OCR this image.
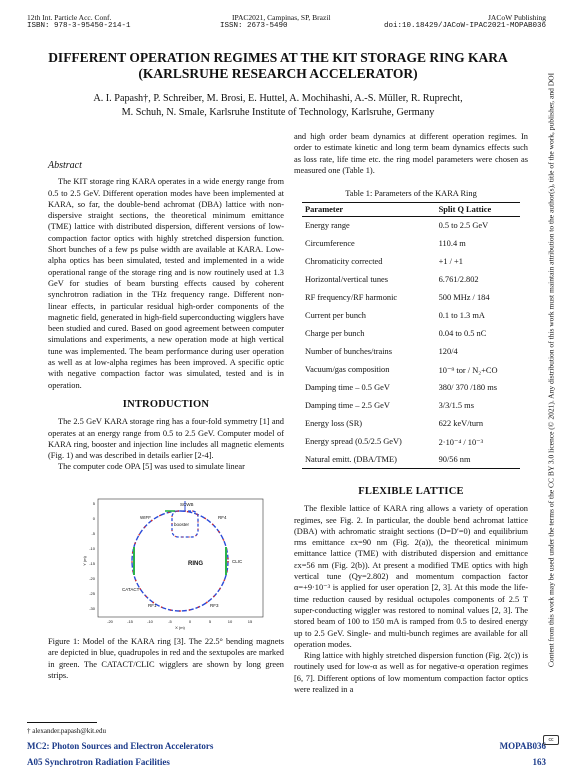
12th Int. Particle Acc. Conf.
ISBN: 978-3-95450-214-1
IPAC2021, Campinas, SP, Brazil
ISSN: 2673-5490
JACoW Publishing
doi:10.18429/JACoW-IPAC2021-MOPAB036
DIFFERENT OPERATION REGIMES AT THE KIT STORAGE RING KARA
(KARLSRUHE RESEARCH ACCELERATOR)
A. I. Papash†, P. Schreiber, M. Brosi, E. Huttel, A. Mochihashi, A.-S. Müller, R. Ruprecht,
M. Schuh, N. Smale, Karlsruhe Institute of Technology, Karlsruhe, Germany

Abstract

The KIT storage ring KARA operates in a wide energy range from 0.5 to 2.5 GeV. Different operation modes have been implemented at KARA, so far, the double-bend achromat (DBA) lattice with non-dispersive straight sections, the theoretical minimum emittance (TME) lattice with distributed dispersion, different versions of low-compaction factor optics with highly stretched dispersion function. Short bunches of a few ps pulse width are available at KARA. Low-alpha optics has been simulated, tested and implemented in a wide operational range of the storage ring and is now routinely used at 1.3 GeV for studies of beam bursting effects caused by coherent synchrotron radiation in the THz frequency range. Different non-linear effects, in particular residual high-order components of the magnetic field, generated in high-field superconducting wigglers have been studied and cured. Based on good agreement between computer simulations and experiments, a new operation mode at high vertical tune was implemented. The beam performance during user operation as well as at low-alpha regimes has been improved. A specific optic with negative compaction factor was simulated, tested and is in operation.

INTRODUCTION

The 2.5 GeV KARA storage ring has a four-fold symmetry [1] and operates at an energy range from 0.5 to 2.5 GeV. Computer model of KARA ring, booster and injection line includes all magnetic elements (Fig. 1) and was described in details earlier [2-4].

The computer code OPA [5] was used to simulate linear

SCWB
booster
WIFF
RING	CLIC
CATACT
RF3
RF1
RF4
5
0
-5
-10
-15
-20
-25
-30
-20	-15	-10	-5	0	5	10	15
X (m)
Y (m)
Figure 1: Model of the KARA ring [3]. The 22.5° bending magnets are depicted in blue, quadrupoles in red and the sextupoles are marked in green. The CATACT/CLIC wigglers are shown by long green strips.
† alexander.papash@kit.edu

and high order beam dynamics at different operation regimes. In order to estimate kinetic and long term beam dynamics effects such as loss rate, life time etc. the ring model parameters were chosen as measured one (Table 1).

Table 1: Parameters of the KARA Ring
Parameter	Split Q Lattice
Energy range	0.5 to 2.5 GeV
Circumference	110.4 m
Chromaticity corrected	+1 / +1
Horizontal/vertical tunes	6.761/2.802
RF frequency/RF harmonic	500 MHz / 184
Current per bunch	0.1 to 1.3 mA
Charge per bunch	0.04 to 0.5 nC
Number of bunches/trains	120/4
Vacuum/gas composition	10⁻⁹ tor / N₂+CO
Damping time – 0.5 GeV	380/ 370 /180 ms
Damping time – 2.5 GeV	3/3/1.5 ms
Energy loss (SR)	622 keV/turn
Energy spread (0.5/2.5 GeV)	2·10⁻⁴ / 10⁻³
Natural emitt. (DBA/TME)	90/56 nm
FLEXIBLE LATTICE

The flexible lattice of KARA ring allows a variety of operation regimes, see Fig. 2. In particular, the double bend achromat lattice (DBA) with achromatic straight sections (D=D′=0) and equilibrium rms emittance εx=90 nm (Fig. 2(a)), the theoretical minimum emittance lattice (TME) with distributed dispersion and emittance εx=56 nm (Fig. 2(b)). At present a modified TME optics with high vertical tune (Qy=2.802) and momentum compaction factor α=+9·10⁻³ is applied for user operation [2, 3]. At this mode the life-time reduction caused by residual octupoles components of 2.5 T super-conducting wiggler was restored to nominal values [2, 3]. The stored beam of 100 to 150 mA is ramped from 0.5 to desired energy up to 2.5 GeV. Single- and multi-bunch regimes are available for all operation modes.

Ring lattice with highly stretched dispersion function (Fig. 2(c)) is routinely used for low-α as well as for negative-α operation regimes [6, 7]. Different options of low momentum compaction factor optics were realized in a

MC2: Photon Sources and Electron Accelerators
A05 Synchrotron Radiation Facilities
MOPAB036
163
Content from this work may be used under the terms of the CC BY 3.0 licence (© 2021). Any distribution of this work must maintain attribution to the author(s), title of the work, publisher, and DOI
cc
